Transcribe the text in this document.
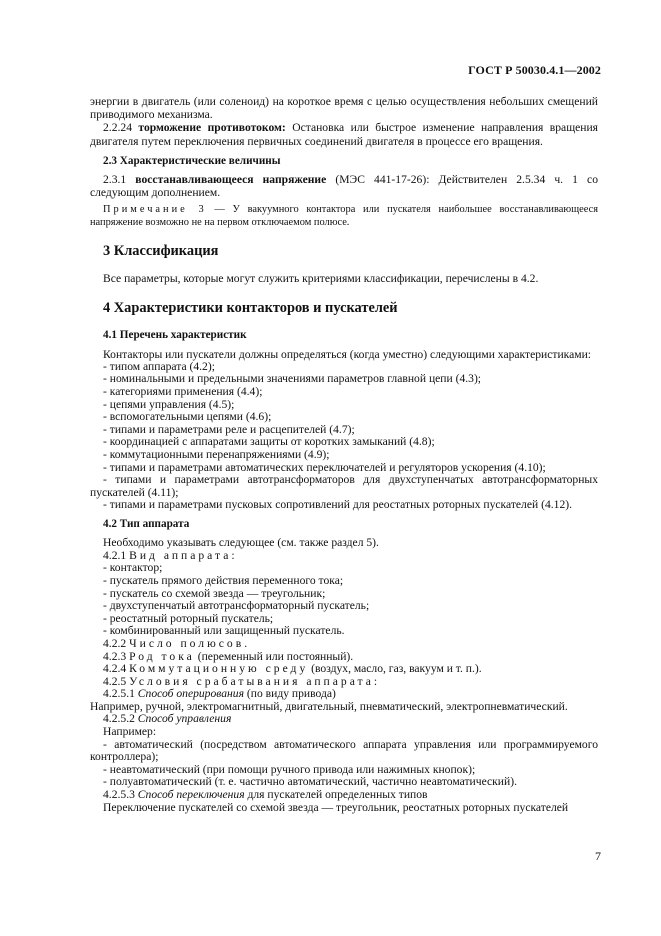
ГОСТ Р 50030.4.1—2002

энергии в двигатель (или соленоид) на короткое время с целью осуществления небольших смещений приводимого механизма.

2.2.24 торможение противотоком: Остановка или быстрое изменение направления вращения двигателя путем переключения первичных соединений двигателя в процессе его вращения.

2.3 Характеристические величины

2.3.1 восстанавливающееся напряжение (МЭС 441-17-26): Действителен 2.5.34 ч. 1 со следующим дополнением.

Примечание 3 — У вакуумного контактора или пускателя наибольшее восстанавливающееся напряжение возможно не на первом отключаемом полюсе.

3 Классификация

Все параметры, которые могут служить критериями классификации, перечислены в 4.2.

4 Характеристики контакторов и пускателей

4.1 Перечень характеристик

Контакторы или пускатели должны определяться (когда уместно) следующими характеристиками:

- типом аппарата (4.2);

- номинальными и предельными значениями параметров главной цепи (4.3);

- категориями применения (4.4);

- цепями управления (4.5);

- вспомогательными цепями (4.6);

- типами и параметрами реле и расцепителей (4.7);

- координацией с аппаратами защиты от коротких замыканий (4.8);

- коммутационными перенапряжениями (4.9);

- типами и параметрами автоматических переключателей и регуляторов ускорения (4.10);

- типами и параметрами автотрансформаторов для двухступенчатых автотрансформаторных пускателей (4.11);

- типами и параметрами пусковых сопротивлений для реостатных роторных пускателей (4.12).

4.2 Тип аппарата

Необходимо указывать следующее (см. также раздел 5).

4.2.1 Вид аппарата:

- контактор;

- пускатель прямого действия переменного тока;

- пускатель со схемой звезда — треугольник;

- двухступенчатый автотрансформаторный пускатель;

- реостатный роторный пускатель;

- комбинированный или защищенный пускатель.

4.2.2 Число полюсов.

4.2.3 Род тока (переменный или постоянный).

4.2.4 Коммутационную среду (воздух, масло, газ, вакуум и т. п.).

4.2.5 Условия срабатывания аппарата:

4.2.5.1 Способ оперирования (по виду привода)

Например, ручной, электромагнитный, двигательный, пневматический, электропневматический.

4.2.5.2 Способ управления

Например:

- автоматический (посредством автоматического аппарата управления или программируемого контроллера);

- неавтоматический (при помощи ручного привода или нажимных кнопок);

- полуавтоматический (т. е. частично автоматический, частично неавтоматический).

4.2.5.3 Способ переключения для пускателей определенных типов

Переключение пускателей со схемой звезда — треугольник, реостатных роторных пускателей

7
